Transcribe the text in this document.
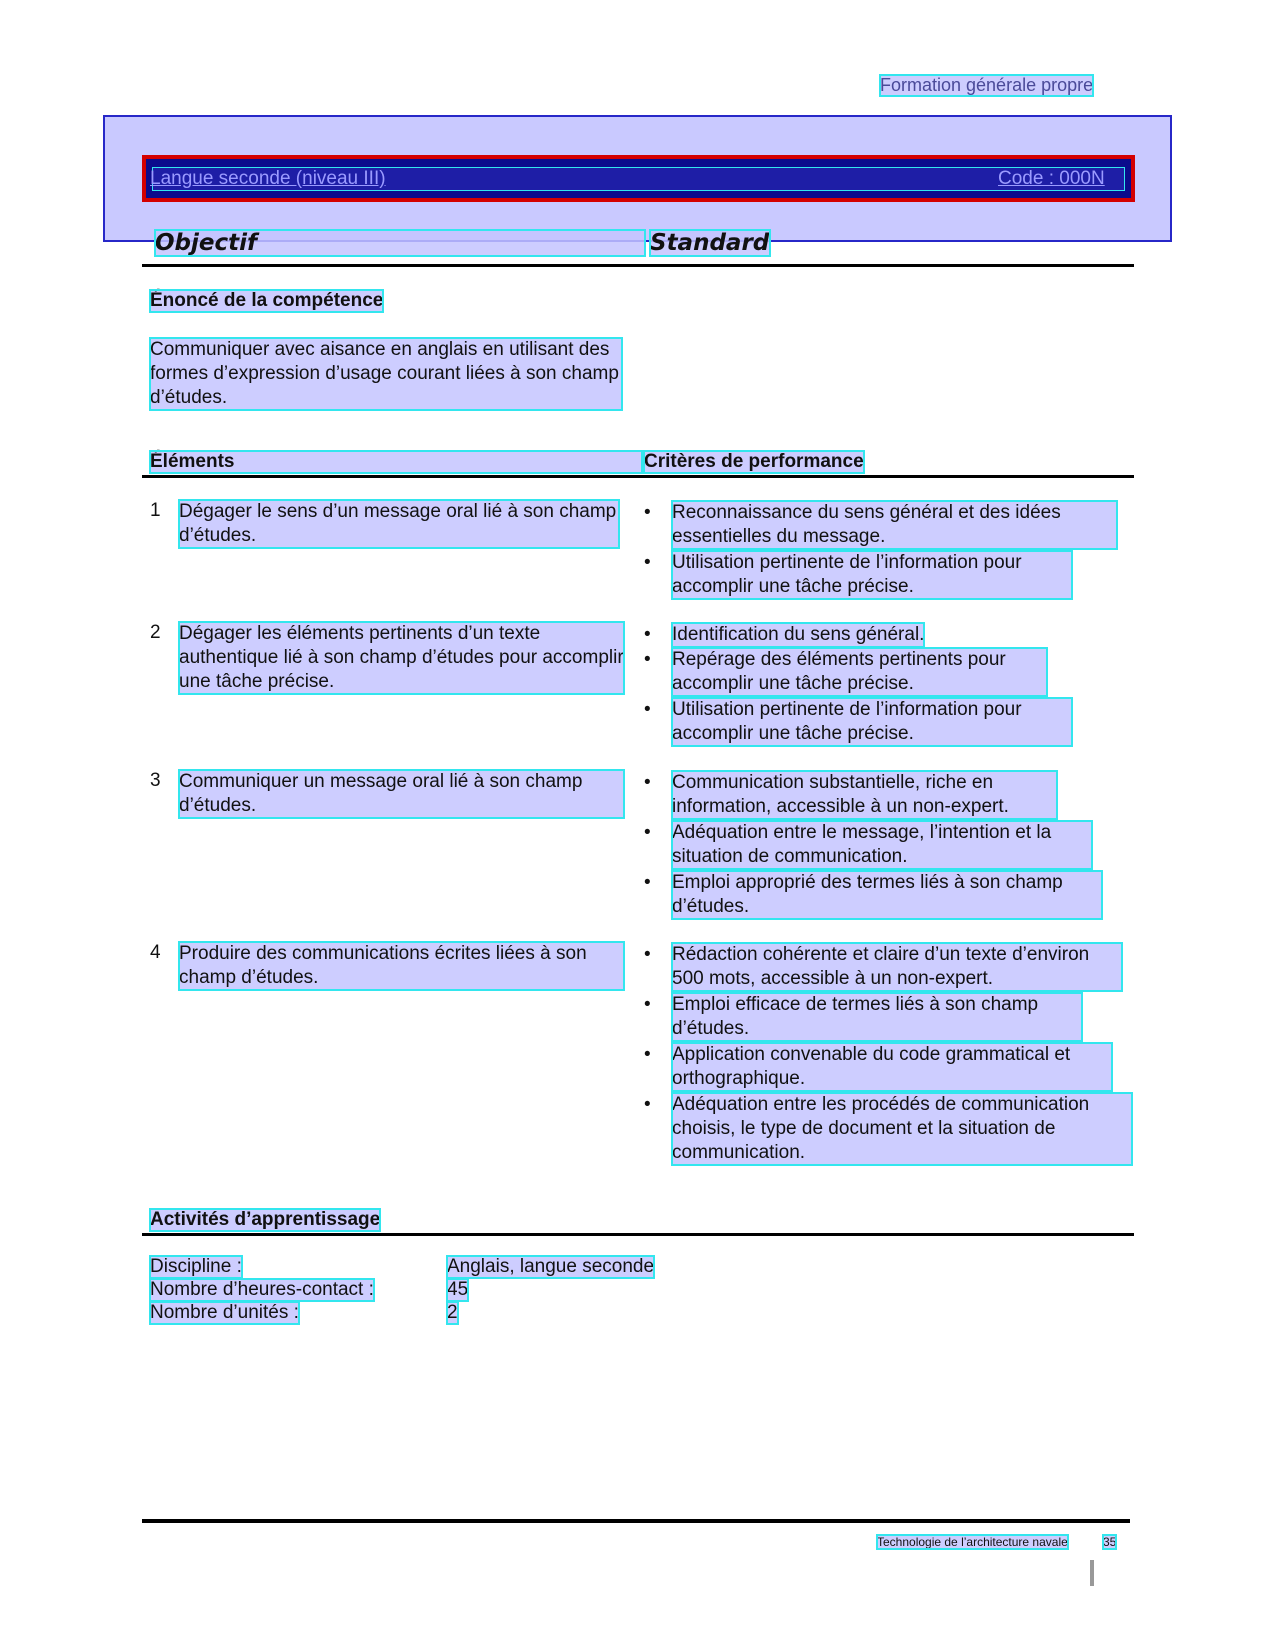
Formation générale propre
Langue seconde (niveau III)	Code : 000N
Objectif	Standard
Énoncé de la compétence
Communiquer avec aisance en anglais en utilisant des formes d’expression d’usage courant liées à son champ d’études.
Éléments	Critères de performance
1 Dégager le sens d’un message oral lié à son champ d’études.
• Reconnaissance du sens général et des idées essentielles du message.
• Utilisation pertinente de l’information pour accomplir une tâche précise.
2 Dégager les éléments pertinents d’un texte authentique lié à son champ d’études pour accomplir une tâche précise.
• Identification du sens général.
• Repérage des éléments pertinents pour accomplir une tâche précise.
• Utilisation pertinente de l’information pour accomplir une tâche précise.
3 Communiquer un message oral lié à son champ d’études.
• Communication substantielle, riche en information, accessible à un non-expert.
• Adéquation entre le message, l’intention et la situation de communication.
• Emploi approprié des termes liés à son champ d’études.
4 Produire des communications écrites liées à son champ d’études.
• Rédaction cohérente et claire d’un texte d’environ 500 mots, accessible à un non-expert.
• Emploi efficace de termes liés à son champ d’études.
• Application convenable du code grammatical et orthographique.
• Adéquation entre les procédés de communication choisis, le type de document et la situation de communication.
Activités d’apprentissage
Discipline :	Anglais, langue seconde
Nombre d’heures-contact :	45
Nombre d’unités :	2
Technologie de l’architecture navale	35
